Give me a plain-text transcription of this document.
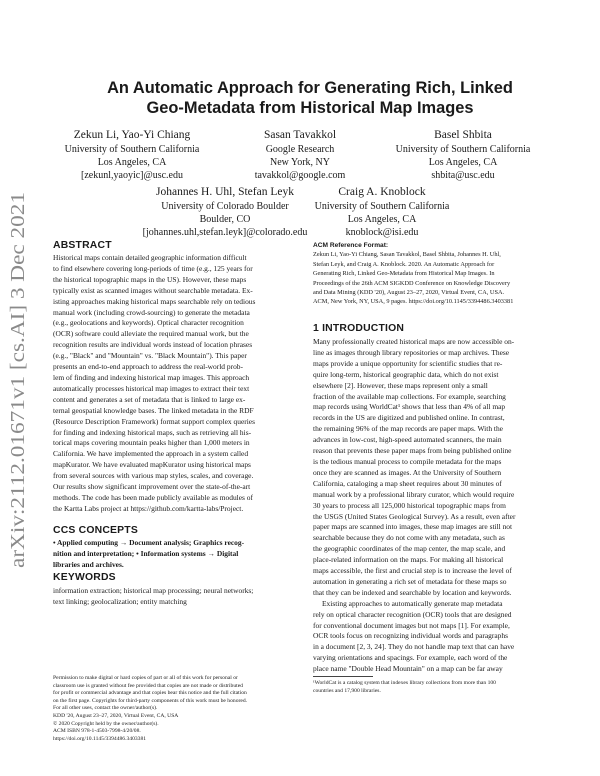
arXiv:2112.01671v1 [cs.AI] 3 Dec 2021
An Automatic Approach for Generating Rich, Linked
Geo-Metadata from Historical Map Images
Zekun Li, Yao-Yi Chiang
University of Southern California
Los Angeles, CA
[zekunl,yaoyic]@usc.edu
Sasan Tavakkol
Google Research
New York, NY
tavakkol@google.com
Basel Shbita
University of Southern California
Los Angeles, CA
shbita@usc.edu
Johannes H. Uhl, Stefan Leyk
University of Colorado Boulder
Boulder, CO
[johannes.uhl,stefan.leyk]@colorado.edu
Craig A. Knoblock
University of Southern California
Los Angeles, CA
knoblock@isi.edu
ABSTRACT
Historical maps contain detailed geographic information difficult
to find elsewhere covering long-periods of time (e.g., 125 years for
the historical topographic maps in the US). However, these maps
typically exist as scanned images without searchable metadata. Ex-
isting approaches making historical maps searchable rely on tedious
manual work (including crowd-sourcing) to generate the metadata
(e.g., geolocations and keywords). Optical character recognition
(OCR) software could alleviate the required manual work, but the
recognition results are individual words instead of location phrases
(e.g., "Black" and "Mountain" vs. "Black Mountain"). This paper
presents an end-to-end approach to address the real-world prob-
lem of finding and indexing historical map images. This approach
automatically processes historical map images to extract their text
content and generates a set of metadata that is linked to large ex-
ternal geospatial knowledge bases. The linked metadata in the RDF
(Resource Description Framework) format support complex queries
for finding and indexing historical maps, such as retrieving all his-
torical maps covering mountain peaks higher than 1,000 meters in
California. We have implemented the approach in a system called
mapKurator. We have evaluated mapKurator using historical maps
from several sources with various map styles, scales, and coverage.
Our results show significant improvement over the state-of-the-art
methods. The code has been made publicly available as modules of
the Kartta Labs project at https://github.com/kartta-labs/Project.
CCS CONCEPTS
• Applied computing → Document analysis; Graphics recog-
nition and interpretation; • Information systems → Digital
libraries and archives.
KEYWORDS
information extraction; historical map processing; neural networks;
text linking; geolocalization; entity matching
Permission to make digital or hard copies of part or all of this work for personal or
classroom use is granted without fee provided that copies are not made or distributed
for profit or commercial advantage and that copies bear this notice and the full citation
on the first page. Copyrights for third-party components of this work must be honored.
For all other uses, contact the owner/author(s).
KDD '20, August 23–27, 2020, Virtual Event, CA, USA
© 2020 Copyright held by the owner/author(s).
ACM ISBN 978-1-4503-7998-4/20/08.
https://doi.org/10.1145/3394486.3403381
ACM Reference Format:
Zekun Li, Yao-Yi Chiang, Sasan Tavakkol, Basel Shbita, Johannes H. Uhl,
Stefan Leyk, and Craig A. Knoblock. 2020. An Automatic Approach for
Generating Rich, Linked Geo-Metadata from Historical Map Images. In
Proceedings of the 26th ACM SIGKDD Conference on Knowledge Discovery
and Data Mining (KDD '20), August 23–27, 2020, Virtual Event, CA, USA.
ACM, New York, NY, USA, 9 pages. https://doi.org/10.1145/3394486.3403381
1 INTRODUCTION
Many professionally created historical maps are now accessible on-
line as images through library repositories or map archives. These
maps provide a unique opportunity for scientific studies that re-
quire long-term, historical geographic data, which do not exist
elsewhere [2]. However, these maps represent only a small
fraction of the available map collections. For example, searching
map records using WorldCat¹ shows that less than 4% of all map
records in the US are digitized and published online. In contrast,
the remaining 96% of the map records are paper maps. With the
advances in low-cost, high-speed automated scanners, the main
reason that prevents these paper maps from being published online
is the tedious manual process to compile metadata for the maps
once they are scanned as images. At the University of Southern
California, cataloging a map sheet requires about 30 minutes of
manual work by a professional library curator, which would require
30 years to process all 125,000 historical topographic maps from
the USGS (United States Geological Survey). As a result, even after
paper maps are scanned into images, these map images are still not
searchable because they do not come with any metadata, such as
the geographic coordinates of the map center, the map scale, and
place-related information on the maps. For making all historical
maps accessible, the first and crucial step is to increase the level of
automation in generating a rich set of metadata for these maps so
that they can be indexed and searchable by location and keywords.
Existing approaches to automatically generate map metadata
rely on optical character recognition (OCR) tools that are designed
for conventional document images but not maps [1]. For example,
OCR tools focus on recognizing individual words and paragraphs
in a document [2, 3, 24]. They do not handle map text that can have
varying orientations and spacings. For example, each word of the
place name "Double Head Mountain" on a map can be far away
¹WorldCat is a catalog system that indexes library collections from more than 100
countries and 17,900 libraries.
